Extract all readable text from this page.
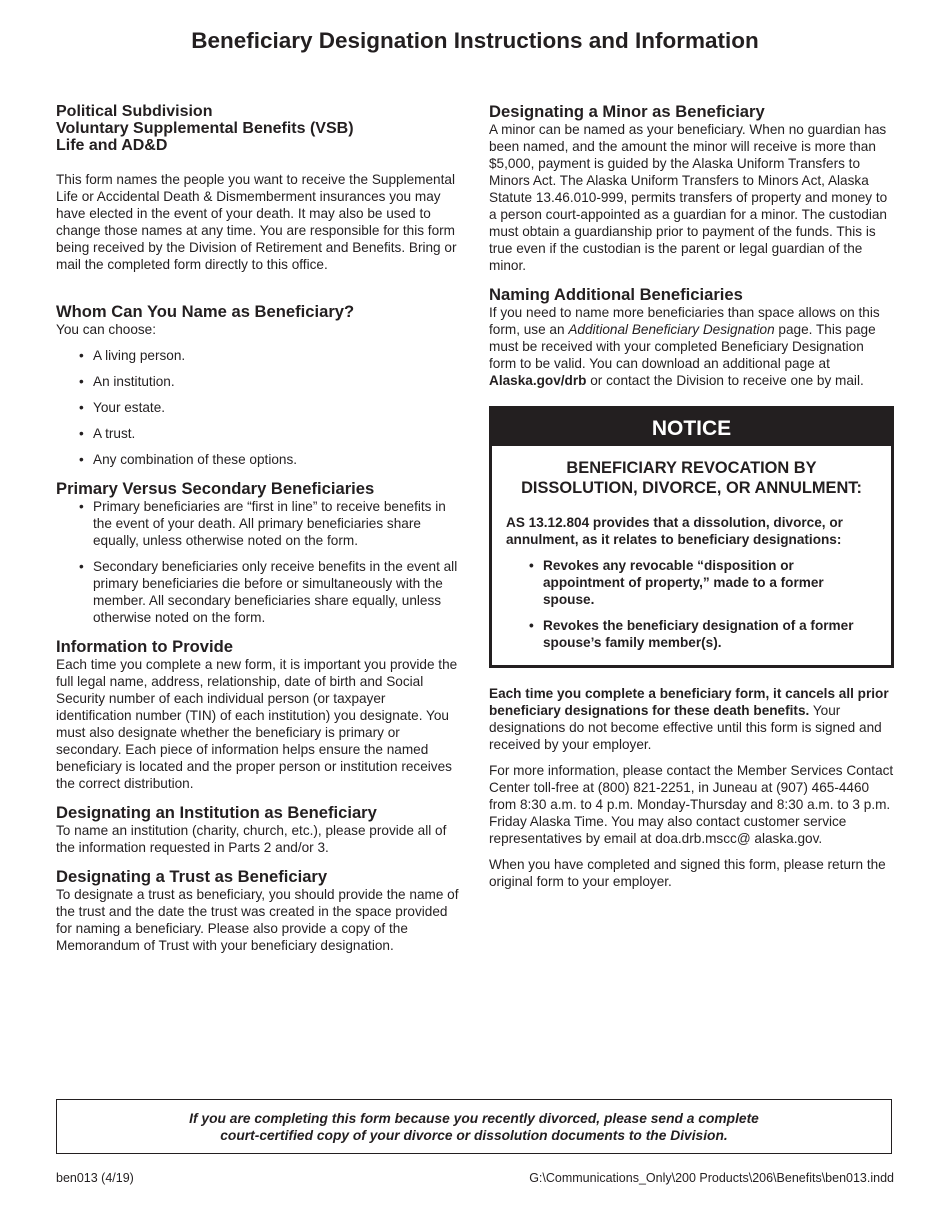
Beneficiary Designation Instructions and Information
Political Subdivision
Voluntary Supplemental Benefits (VSB)
Life and AD&D

This form names the people you want to receive the Supplemental Life or Accidental Death & Dismemberment insurances you may have elected in the event of your death. It may also be used to change those names at any time. You are responsible for this form being received by the Division of Retirement and Benefits. Bring or mail the completed form directly to this office.

Whom Can You Name as Beneficiary?

You can choose:

• A living person.
• An institution.
• Your estate.
• A trust.
• Any combination of these options.
Primary Versus Secondary Beneficiaries
• Primary beneficiaries are “first in line” to receive benefits in the event of your death. All primary beneficiaries share equally, unless otherwise noted on the form.
• Secondary beneficiaries only receive benefits in the event all primary beneficiaries die before or simultaneously with the member. All secondary beneficiaries share equally, unless otherwise noted on the form.
Information to Provide

Each time you complete a new form, it is important you provide the full legal name, address, relationship, date of birth and Social Security number of each individual person (or taxpayer identification number (TIN) of each institution) you designate. You must also designate whether the beneficiary is primary or secondary. Each piece of information helps ensure the named beneficiary is located and the proper person or institution receives the correct distribution.

Designating an Institution as Beneficiary

To name an institution (charity, church, etc.), please provide all of the information requested in Parts 2 and/or 3.

Designating a Trust as Beneficiary

To designate a trust as beneficiary, you should provide the name of the trust and the date the trust was created in the space provided for naming a beneficiary. Please also provide a copy of the Memorandum of Trust with your beneficiary designation.

Designating a Minor as Beneficiary

A minor can be named as your beneficiary. When no guardian has been named, and the amount the minor will receive is more than $5,000, payment is guided by the Alaska Uniform Transfers to Minors Act. The Alaska Uniform Transfers to Minors Act, Alaska Statute 13.46.010-999, permits transfers of property and money to a person court-appointed as a guardian for a minor. The custodian must obtain a guardianship prior to payment of the funds. This is true even if the custodian is the parent or legal guardian of the minor.

Naming Additional Beneficiaries

If you need to name more beneficiaries than space allows on this form, use an Additional Beneficiary Designation page. This page must be received with your completed Beneficiary Designation form to be valid. You can download an additional page at Alaska.gov/drb or contact the Division to receive one by mail.

NOTICE
BENEFICIARY REVOCATION BY
DISSOLUTION, DIVORCE, OR ANNULMENT:

AS 13.12.804 provides that a dissolution, divorce, or annulment, as it relates to beneficiary designations:

• Revokes any revocable “disposition or appointment of property,” made to a former spouse.
• Revokes the beneficiary designation of a former spouse’s family member(s).

Each time you complete a beneficiary form, it cancels all prior beneficiary designations for these death benefits. Your designations do not become effective until this form is signed and received by your employer.

For more information, please contact the Member Services Contact Center toll-free at (800) 821-2251, in Juneau at (907) 465-4460 from 8:30 a.m. to 4 p.m. Monday-Thursday and 8:30 a.m. to 3 p.m. Friday Alaska Time. You may also contact customer service representatives by email at doa.drb.mscc@ alaska.gov.

When you have completed and signed this form, please return the original form to your employer.

If you are completing this form because you recently divorced, please send a complete
court-certified copy of your divorce or dissolution documents to the Division.
ben013 (4/19)	G:\Communications_Only\200 Products\206\Benefits\ben013.indd
